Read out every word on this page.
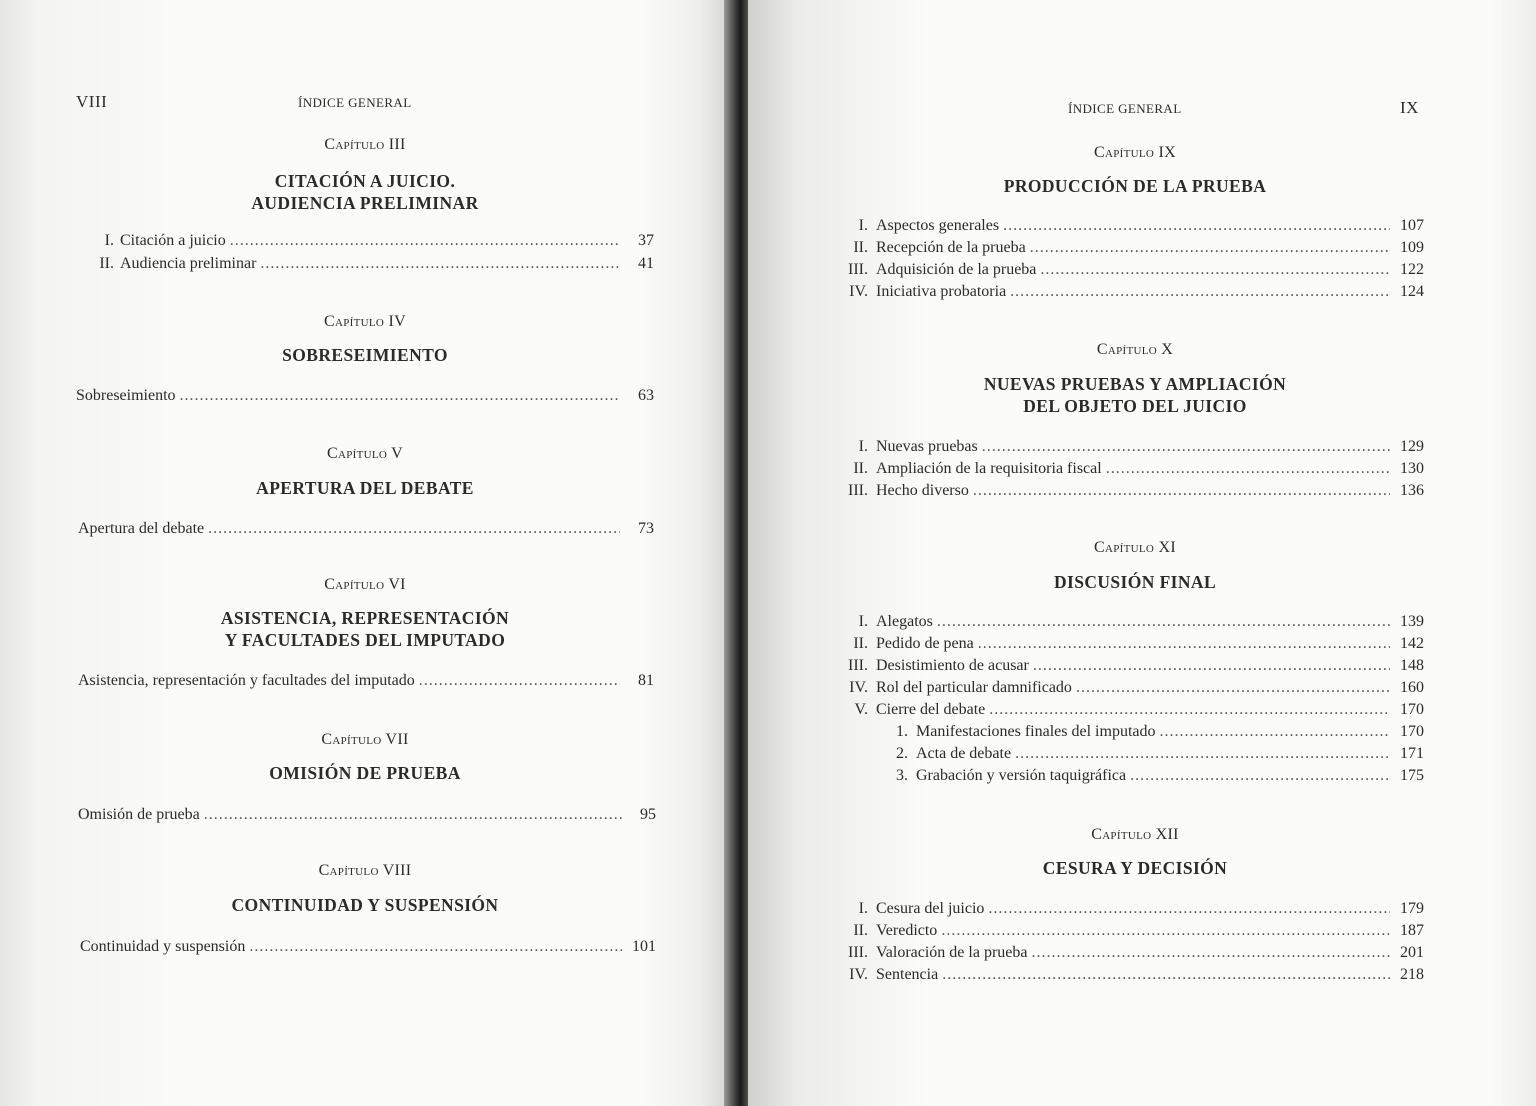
VIII	ÍNDICE GENERAL
Capítulo III
CITACIÓN A JUICIO.
AUDIENCIA PRELIMINAR
I. Citación a juicio .....	37
II. Audiencia preliminar .....	41
Capítulo IV
SOBRESEIMIENTO
Sobreseimiento .....	63
Capítulo V
APERTURA DEL DEBATE
Apertura del debate .....	73
Capítulo VI
ASISTENCIA, REPRESENTACIÓN
Y FACULTADES DEL IMPUTADO
Asistencia, representación y facultades del imputado .....	81
Capítulo VII
OMISIÓN DE PRUEBA
Omisión de prueba .....	95
Capítulo VIII
CONTINUIDAD Y SUSPENSIÓN
Continuidad y suspensión .....	101
ÍNDICE GENERAL	IX
Capítulo IX
PRODUCCIÓN DE LA PRUEBA
I. Aspectos generales .....	107
II. Recepción de la prueba .....	109
III. Adquisición de la prueba .....	122
IV. Iniciativa probatoria .....	124
Capítulo X
NUEVAS PRUEBAS Y AMPLIACIÓN
DEL OBJETO DEL JUICIO
I. Nuevas pruebas .....	129
II. Ampliación de la requisitoria fiscal .....	130
III. Hecho diverso .....	136
Capítulo XI
DISCUSIÓN FINAL
I. Alegatos .....	139
II. Pedido de pena .....	142
III. Desistimiento de acusar .....	148
IV. Rol del particular damnificado .....	160
V. Cierre del debate .....	170
1. Manifestaciones finales del imputado .....	170
2. Acta de debate .....	171
3. Grabación y versión taquigráfica .....	175
Capítulo XII
CESURA Y DECISIÓN
I. Cesura del juicio .....	179
II. Veredicto .....	187
III. Valoración de la prueba .....	201
IV. Sentencia .....	218
